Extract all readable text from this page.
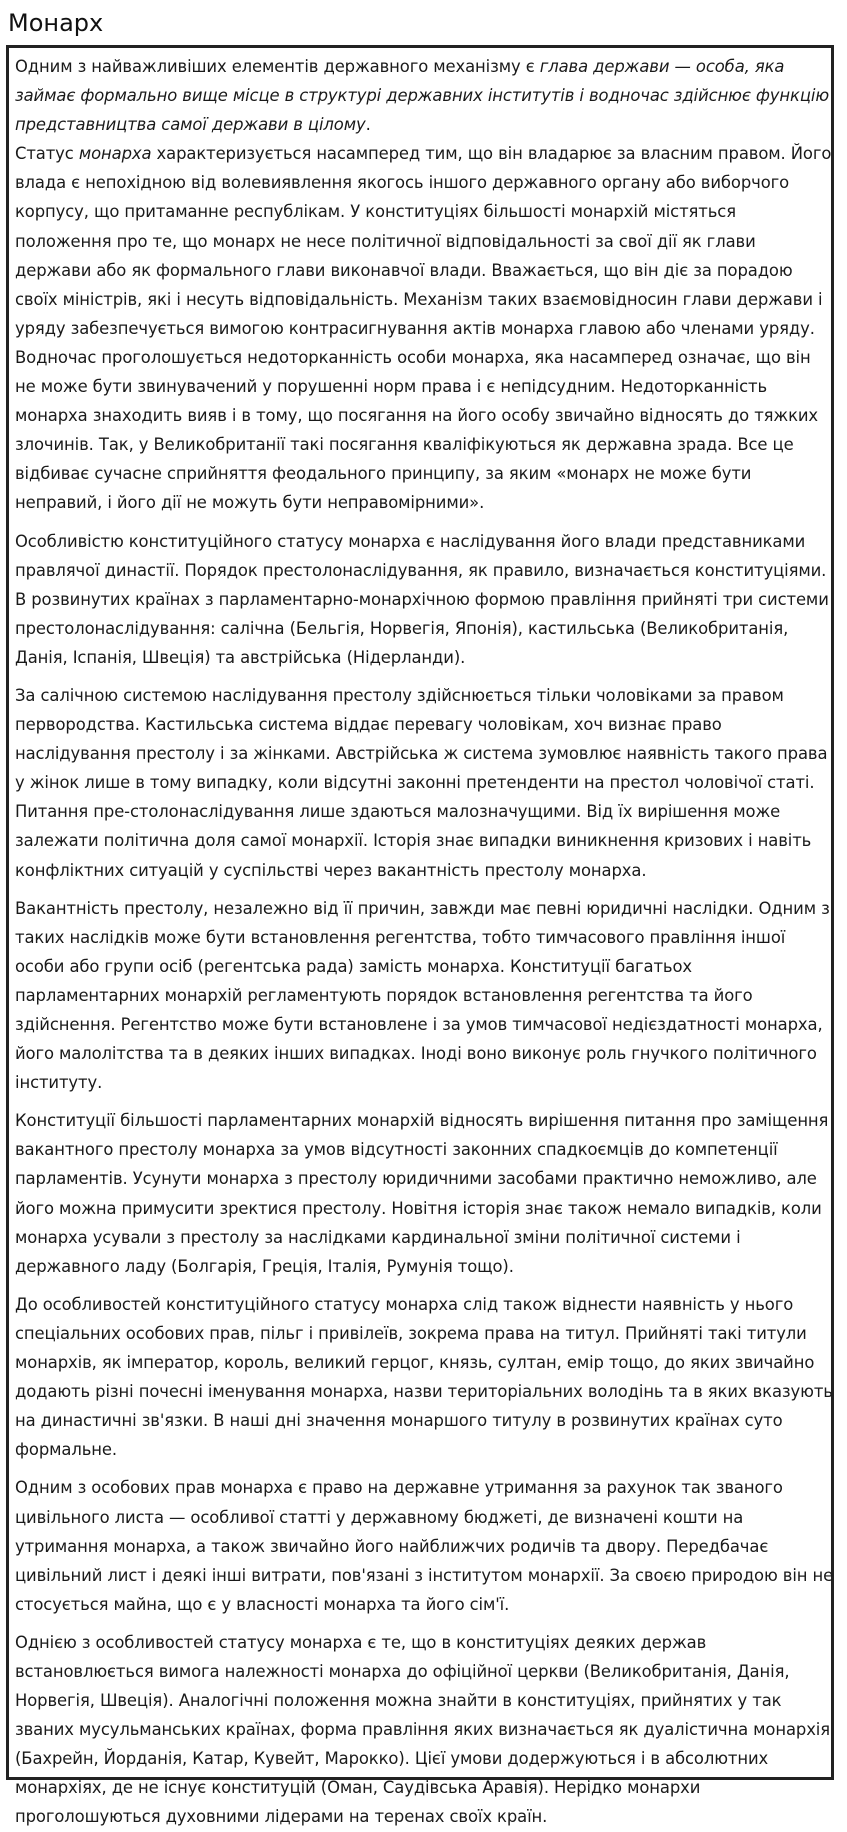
Монарх

Одним з найважливіших елементів державного механізму є глава держави — особа, яка займає формально вище місце в структурі державних інститутів і водночас здійснює функцію представництва самої держави в цілому.
Статус монарха характеризується насамперед тим, що він владарює за власним правом. Його влада є непохідною від волевиявлення якогось іншого державного органу або виборчого корпусу, що притаманне республікам. У конституціях більшості монархій містяться положення про те, що монарх не несе політичної відповідальності за свої дії як глави держави або як формального глави виконавчої влади. Вважається, що він діє за порадою своїх міністрів, які і несуть відповідальність. Механізм таких взаємовідносин глави держави і уряду забезпечується вимогою контрасигнування актів монарха главою або членами уряду. Водночас проголошується недоторканність особи монарха, яка насамперед означає, що він не може бути звинувачений у порушенні норм права і є непідсудним. Недоторканність монарха знаходить вияв і в тому, що посягання на його особу звичайно відносять до тяжких злочинів. Так, у Великобританії такі посягання кваліфікуються як державна зрада. Все це відбиває сучасне сприйняття феодального принципу, за яким «монарх не може бути неправий, і його дії не можуть бути неправомірними».

Особливістю конституційного статусу монарха є наслідування його влади представниками правлячої династії. Порядок престолонаслідування, як правило, визначається конституціями. В розвинутих країнах з парламентарно-монархічною формою правління прийняті три системи престолонаслідування: салічна (Бельгія, Норвегія, Японія), кастильська (Великобританія, Данія, Іспанія, Швеція) та австрійська (Нідерланди).

За салічною системою наслідування престолу здійснюється тільки чоловіками за правом первородства. Кастильська система віддає перевагу чоловікам, хоч визнає право наслідування престолу і за жінками. Австрійська ж система зумовлює наявність такого права у жінок лише в тому випадку, коли відсутні законні претенденти на престол чоловічої статі. Питання пре-столонаслідування лише здаються малозначущими. Від їх вирішення може залежати політична доля самої монархії. Історія знає випадки виникнення кризових і навіть конфліктних ситуацій у суспільстві через вакантність престолу монарха.

Вакантність престолу, незалежно від її причин, завжди має певні юридичні наслідки. Одним з таких наслідків може бути встановлення регентства, тобто тимчасового правління іншої особи або групи осіб (регентська рада) замість монарха. Конституції багатьох парламентарних монархій регламентують порядок встановлення регентства та його здійснення. Регентство може бути встановлене і за умов тимчасової недієздатності монарха, його малолітства та в деяких інших випадках. Іноді воно виконує роль гнучкого політичного інституту.

Конституції більшості парламентарних монархій відносять вирішення питання про заміщення вакантного престолу монарха за умов відсутності законних спадкоємців до компетенції парламентів. Усунути монарха з престолу юридичними засобами практично неможливо, але його можна примусити зректися престолу. Новітня історія знає також немало випадків, коли монарха усували з престолу за наслідками кардинальної зміни політичної системи і державного ладу (Болгарія, Греція, Італія, Румунія тощо).

До особливостей конституційного статусу монарха слід також віднести наявність у нього спеціальних особових прав, пільг і привілеїв, зокрема права на титул. Прийняті такі титули монархів, як імператор, король, великий герцог, князь, султан, емір тощо, до яких звичайно додають різні почесні іменування монарха, назви територіальних володінь та в яких вказують на династичні зв'язки. В наші дні значення монаршого титулу в розвинутих країнах суто формальне.

Одним з особових прав монарха є право на державне утримання за рахунок так званого цивільного листа — особливої статті у державному бюджеті, де визначені кошти на утримання монарха, а також звичайно його найближчих родичів та двору. Передбачає цивільний лист і деякі інші витрати, пов'язані з інститутом монархії. За своєю природою він не стосується майна, що є у власності монарха та його сім'ї.

Однією з особливостей статусу монарха є те, що в конституціях деяких держав встановлюється вимога належності монарха до офіційної церкви (Великобританія, Данія, Норвегія, Швеція). Аналогічні положення можна знайти в конституціях, прийнятих у так званих мусульманських країнах, форма правління яких визначається як дуалістична монархія (Бахрейн, Йорданія, Катар, Кувейт, Марокко). Цієї умови додержуються і в абсолютних монархіях, де не існує конституцій (Оман, Саудівська Аравія). Нерідко монархи проголошуються духовними лідерами на теренах своїх країн.
